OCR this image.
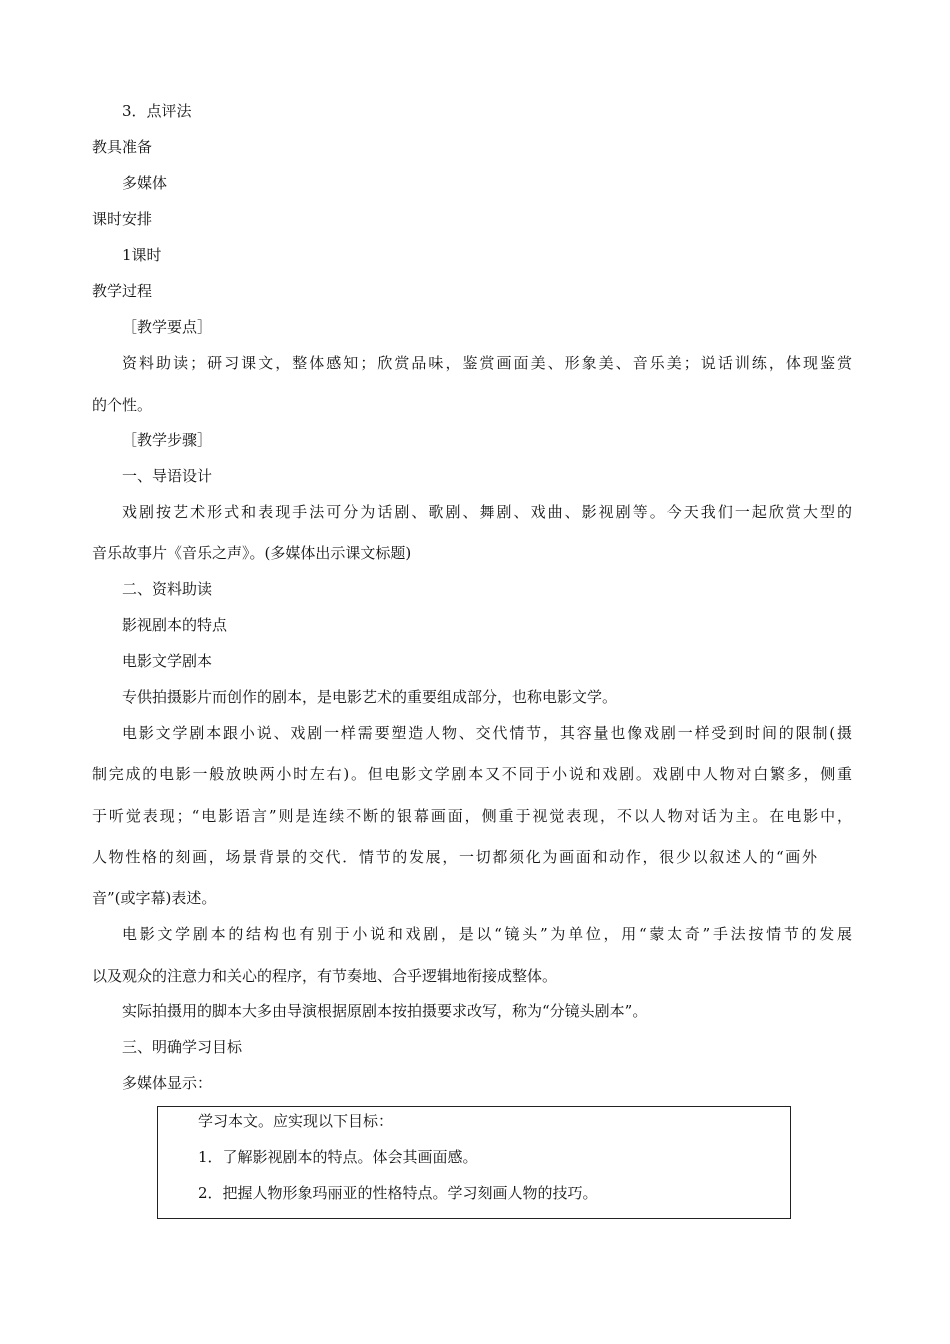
3．点评法
教具准备
多媒体
课时安排
1课时
教学过程
［教学要点］
资料助读；研习课文，整体感知；欣赏品味，鉴赏画面美、形象美、音乐美；说话训练，体现鉴赏
的个性。
［教学步骤］
一、导语设计
戏剧按艺术形式和表现手法可分为话剧、歌剧、舞剧、戏曲、影视剧等。今天我们一起欣赏大型的
音乐故事片《音乐之声》。(多媒体出示课文标题)
二、资料助读
影视剧本的特点
电影文学剧本
专供拍摄影片而创作的剧本，是电影艺术的重要组成部分，也称电影文学。
电影文学剧本跟小说、戏剧一样需要塑造人物、交代情节，其容量也像戏剧一样受到时间的限制(摄
制完成的电影一般放映两小时左右)。但电影文学剧本又不同于小说和戏剧。戏剧中人物对白繁多，侧重
于听觉表现；“电影语言”则是连续不断的银幕画面，侧重于视觉表现，不以人物对话为主。在电影中，
人物性格的刻画，场景背景的交代．情节的发展，一切都须化为画面和动作，很少以叙述人的“画外
音”(或字幕)表述。
电影文学剧本的结构也有别于小说和戏剧，是以“镜头”为单位，用“蒙太奇”手法按情节的发展
以及观众的注意力和关心的程序，有节奏地、合乎逻辑地衔接成整体。
实际拍摄用的脚本大多由导演根据原剧本按拍摄要求改写，称为“分镜头剧本”。
三、明确学习目标
多媒体显示：
学习本文。应实现以下目标：
1．了解影视剧本的特点。体会其画面感。
2．把握人物形象玛丽亚的性格特点。学习刻画人物的技巧。
